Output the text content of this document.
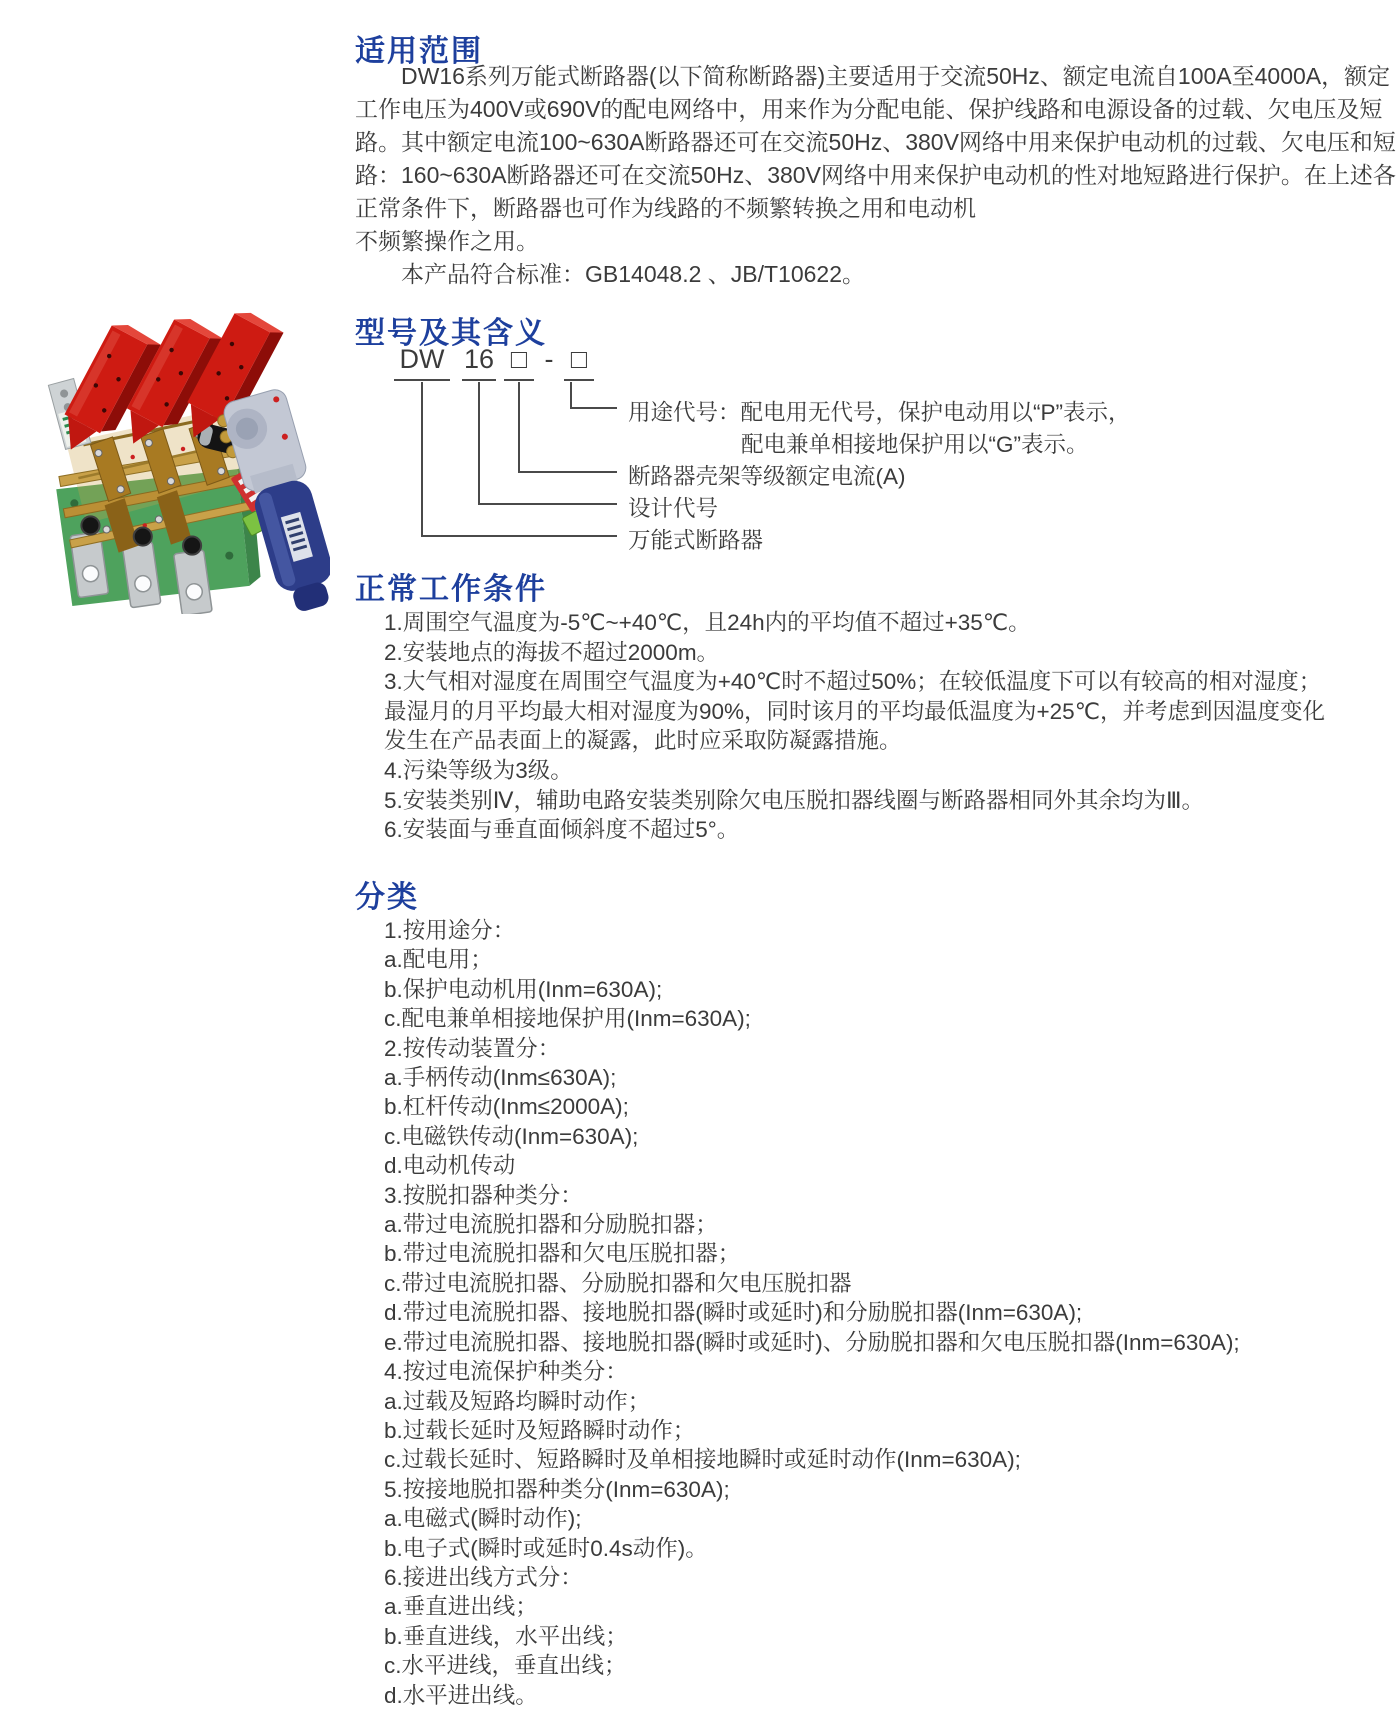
适用范围
　　DW16系列万能式断路器(以下简称断路器)主要适用于交流50Hz、额定电流自100A至4000A，额定
工作电压为400V或690V的配电网络中，用来作为分配电能、保护线路和电源设备的过载、欠电压及短
路。其中额定电流100~630A断路器还可在交流50Hz、380V网络中用来保护电动机的过载、欠电压和短
路：160~630A断路器还可在交流50Hz、380V网络中用来保护电动机的性对地短路进行保护。在上述各
正常条件下，断路器也可作为线路的不频繁转换之用和电动机
不频繁操作之用。
　　本产品符合标准：GB14048.2 、JB/T10622。
型号及其含义
DW 16 □ - □
用途代号：配电用无代号，保护电动用以“P”表示，
配电兼单相接地保护用以“G”表示。
断路器壳架等级额定电流(A)
设计代号
万能式断路器
正常工作条件
1.周围空气温度为-5℃~+40℃，且24h内的平均值不超过+35℃。
2.安装地点的海拔不超过2000m。
3.大气相对湿度在周围空气温度为+40℃时不超过50%；在较低温度下可以有较高的相对湿度；
最湿月的月平均最大相对湿度为90%，同时该月的平均最低温度为+25℃，并考虑到因温度变化
发生在产品表面上的凝露，此时应采取防凝露措施。
4.污染等级为3级。
5.安装类别Ⅳ，辅助电路安装类别除欠电压脱扣器线圈与断路器相同外其余均为Ⅲ。
6.安装面与垂直面倾斜度不超过5°。
分类
1.按用途分：
a.配电用；
b.保护电动机用(Inm=630A);
c.配电兼单相接地保护用(Inm=630A);
2.按传动装置分：
a.手柄传动(Inm≤630A);
b.杠杆传动(Inm≤2000A);
c.电磁铁传动(Inm=630A);
d.电动机传动
3.按脱扣器种类分：
a.带过电流脱扣器和分励脱扣器；
b.带过电流脱扣器和欠电压脱扣器；
c.带过电流脱扣器、分励脱扣器和欠电压脱扣器
d.带过电流脱扣器、接地脱扣器(瞬时或延时)和分励脱扣器(Inm=630A);
e.带过电流脱扣器、接地脱扣器(瞬时或延时)、分励脱扣器和欠电压脱扣器(Inm=630A);
4.按过电流保护种类分：
a.过载及短路均瞬时动作；
b.过载长延时及短路瞬时动作；
c.过载长延时、短路瞬时及单相接地瞬时或延时动作(Inm=630A);
5.按接地脱扣器种类分(Inm=630A);
a.电磁式(瞬时动作);
b.电子式(瞬时或延时0.4s动作)。
6.接进出线方式分：
a.垂直进出线；
b.垂直进线，水平出线；
c.水平进线，垂直出线；
d.水平进出线。
